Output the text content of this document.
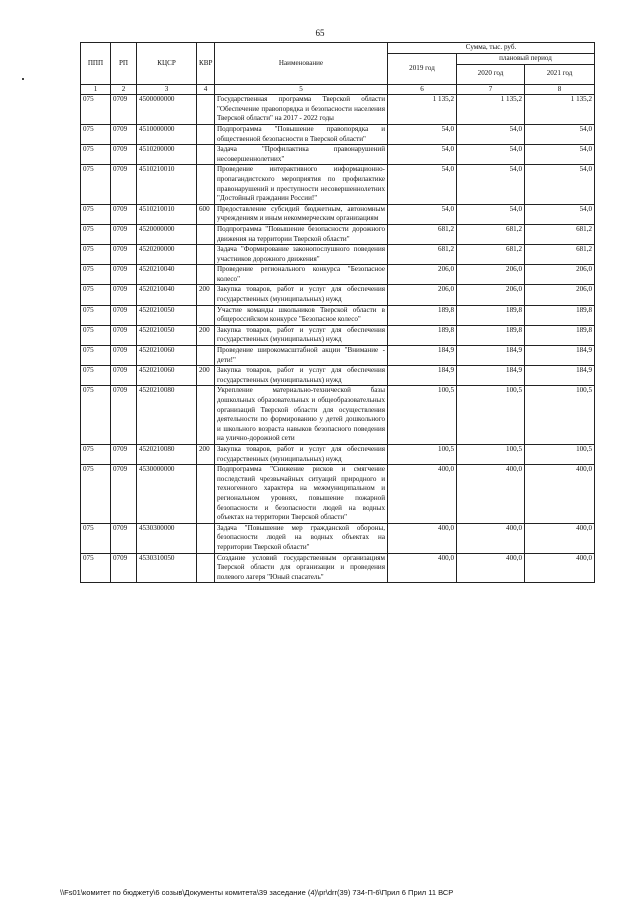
65
ППП	РП	КЦСР	КВР	Наименование	Сумма, тыс. руб.		
					2019 год	плановый период	
						2020 год	2021 год
1	2	3	4	5	6	7	8
075	0709	4500000000		Государственная программа Тверской области "Обеспечение правопорядка и безопасности населения Тверской области" на 2017 - 2022 годы	1 135,2	1 135,2	1 135,2
075	0709	4510000000		Подпрограмма "Повышение правопорядка и общественной безопасности в Тверской области"	54,0	54,0	54,0
075	0709	4510200000		Задача "Профилактика правонарушений несовершеннолетних"	54,0	54,0	54,0
075	0709	4510210010		Проведение интерактивного информационно-пропагандистского мероприятия по профилактике правонарушений и преступности несовершеннолетних "Достойный гражданин России!"	54,0	54,0	54,0
075	0709	4510210010	600	Предоставление субсидий бюджетным, автономным учреждениям и иным некоммерческим организациям	54,0	54,0	54,0
075	0709	4520000000		Подпрограмма "Повышение безопасности дорожного движения на территории Тверской области"	681,2	681,2	681,2
075	0709	4520200000		Задача "Формирование законопослушного поведения участников дорожного движения"	681,2	681,2	681,2
075	0709	4520210040		Проведение регионального конкурса "Безопасное колесо"	206,0	206,0	206,0
075	0709	4520210040	200	Закупка товаров, работ и услуг для обеспечения государственных (муниципальных) нужд	206,0	206,0	206,0
075	0709	4520210050		Участие команды школьников Тверской области в общероссийском конкурсе "Безопасное колесо"	189,8	189,8	189,8
075	0709	4520210050	200	Закупка товаров, работ и услуг для обеспечения государственных (муниципальных) нужд	189,8	189,8	189,8
075	0709	4520210060		Проведение широкомасштабной акции "Внимание - дети!"	184,9	184,9	184,9
075	0709	4520210060	200	Закупка товаров, работ и услуг для обеспечения государственных (муниципальных) нужд	184,9	184,9	184,9
075	0709	4520210080		Укрепление материально-технической базы дошкольных образовательных и общеобразовательных организаций Тверской области для осуществления деятельности по формированию у детей дошкольного и школьного возраста навыков безопасного поведения на улично-дорожной сети	100,5	100,5	100,5
075	0709	4520210080	200	Закупка товаров, работ и услуг для обеспечения государственных (муниципальных) нужд	100,5	100,5	100,5
075	0709	4530000000		Подпрограмма "Снижение рисков и смягчение последствий чрезвычайных ситуаций природного и техногенного характера на межмуниципальном и региональном уровнях, повышение пожарной безопасности и безопасности людей на водных объектах на территории Тверской области"	400,0	400,0	400,0
075	0709	4530300000		Задача "Повышение мер гражданской обороны, безопасности людей на водных объектах на территории Тверской области"	400,0	400,0	400,0
075	0709	4530310050		Создание условий государственным организациям Тверской области для организации и проведения полевого лагеря "Юный спасатель"	400,0	400,0	400,0
\\Fs01\комитет по бюджету\6 созыв\Документы комитета\39 заседание (4)\pr\drr(39) 734-П-6\Прил 6 Прил 11 ВСР
